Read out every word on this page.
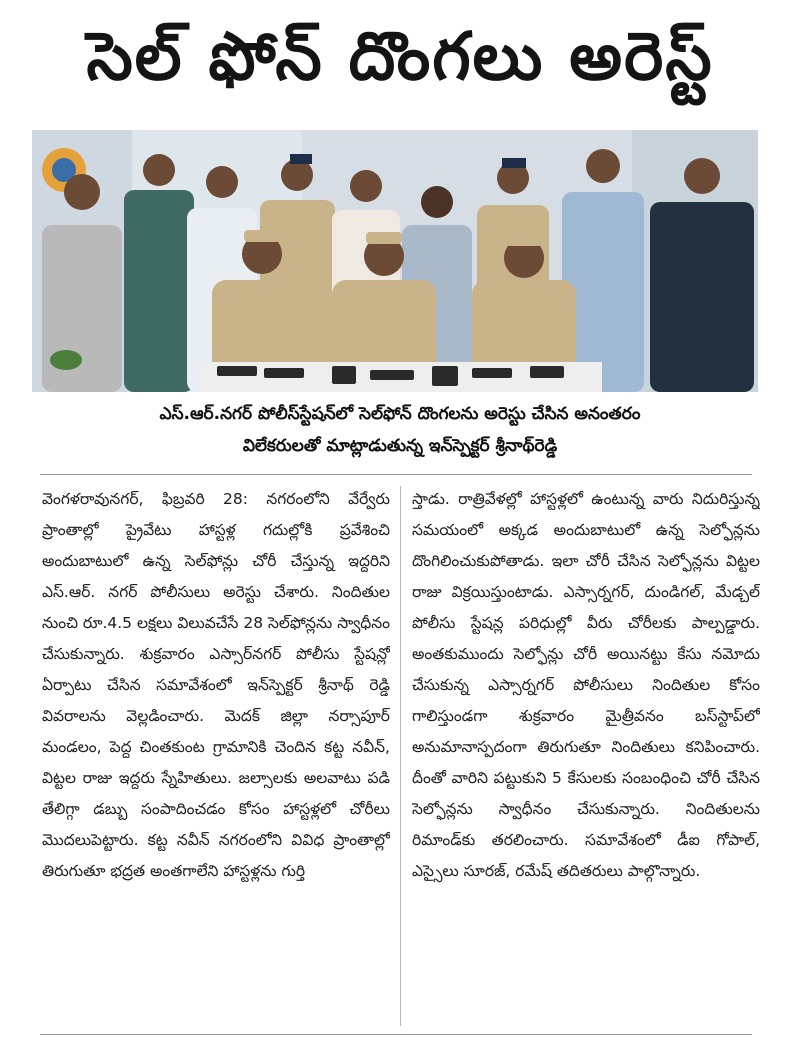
సెల్ ఫోన్ దొంగలు అరెస్ట్
ఎస్.ఆర్.నగర్ పోలీస్‌స్టేషన్‌లో సెల్‌ఫోన్ దొంగలను అరెస్టు చేసిన అనంతరం
విలేకరులతో మాట్లాడుతున్న ఇన్‌స్పెక్టర్ శ్రీనాథ్‌రెడ్డి
వెంగళరావునగర్, ఫిబ్రవరి 28: నగరంలోని వేర్వేరు ప్రాంతాల్లో ప్రైవేటు హాస్టళ్ల గదుల్లోకి ప్రవేశించి అందుబాటులో ఉన్న సెల్‌ఫోన్లు చోరీ చేస్తున్న ఇద్దరిని ఎస్.ఆర్. నగర్ పోలీసులు అరెస్టు చేశారు. నిందితుల నుంచి రూ.4.5 లక్షలు విలువచేసే 28 సెల్‌ఫోన్లను స్వాధీనం చేసుకున్నారు. శుక్రవారం ఎస్సార్‌నగర్ పోలీసు స్టేషన్లో ఏర్పాటు చేసిన సమావేశంలో ఇన్‌స్పెక్టర్ శ్రీనాథ్ రెడ్డి వివరాలను వెల్లడించారు. మెదక్ జిల్లా నర్సాపూర్ మండలం, పెద్ద చింతకుంట గ్రామానికి చెందిన కట్ట నవీన్, విట్టల రాజు ఇద్దరు స్నేహితులు. జల్సాలకు అలవాటు పడి తేలిగ్గా డబ్బు సంపాదించడం కోసం హాస్టళ్లలో చోరీలు మొదలుపెట్టారు. కట్ట నవీన్ నగరంలోని వివిధ ప్రాంతాల్లో తిరుగుతూ భద్రత అంతగాలేని హాస్టళ్లను గుర్తి
స్తాడు. రాత్రివేళల్లో హాస్టళ్లలో ఉంటున్న వారు నిదురిస్తున్న సమయంలో అక్కడ అందుబాటులో ఉన్న సెల్ఫోన్లను దొంగిలించుకుపోతాడు. ఇలా చోరీ చేసిన సెల్ఫోన్లను విట్టల రాజు విక్రయిస్తుంటాడు. ఎస్సార్నగర్, దుండిగల్, మేడ్చల్ పోలీసు స్టేషన్ల పరిధుల్లో వీరు చోరీలకు పాల్పడ్డారు. అంతకుముందు సెల్ఫోన్లు చోరీ అయినట్టు కేసు నమోదు చేసుకున్న ఎస్సార్నగర్ పోలీసులు నిందితుల కోసం గాలిస్తుండగా శుక్రవారం మైత్రీవనం బస్‌స్టాప్‌లో అనుమానాస్పదంగా తిరుగుతూ నిందితులు కనిపించారు. దీంతో వారిని పట్టుకుని 5 కేసులకు సంబంధించి చోరీ చేసిన సెల్ఫోన్లను స్వాధీనం చేసుకున్నారు. నిందితులను రిమాండ్‌కు తరలించారు. సమావేశంలో డీఐ గోపాల్, ఎస్సైలు సూరజ్, రమేష్ తదితరులు పాల్గొన్నారు.
